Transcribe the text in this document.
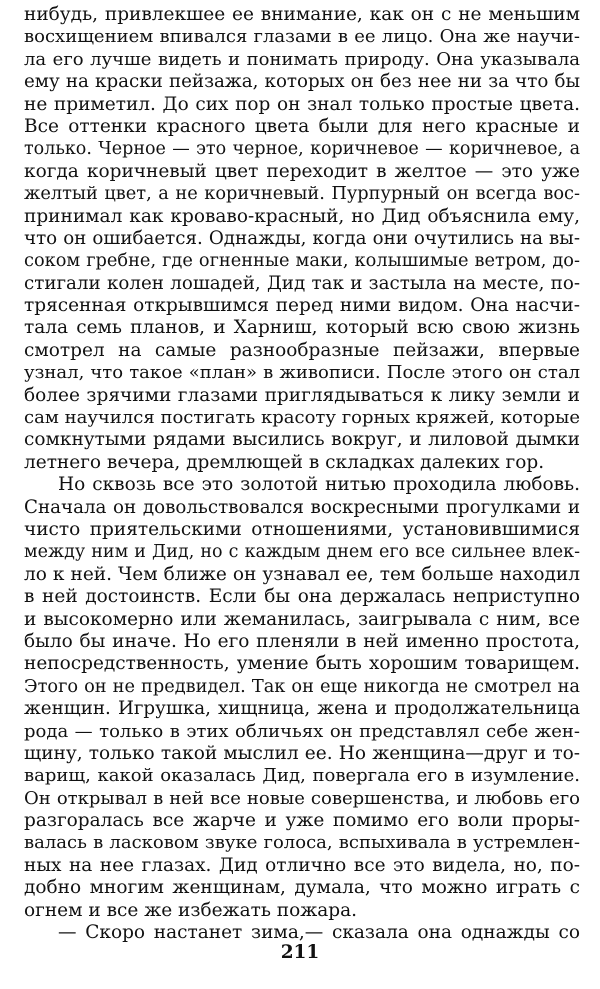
нибудь, привлекшее ее внимание, как он с не меньшим
восхищением впивался глазами в ее лицо. Она же научи-
ла его лучше видеть и понимать природу. Она указывала
ему на краски пейзажа, которых он без нее ни за что бы
не приметил. До сих пор он знал только простые цвета.
Все оттенки красного цвета были для него красные и
только. Черное — это черное, коричневое — коричневое, а
когда коричневый цвет переходит в желтое — это уже
желтый цвет, а не коричневый. Пурпурный он всегда вос-
принимал как кроваво-красный, но Дид объяснила ему,
что он ошибается. Однажды, когда они очутились на вы-
соком гребне, где огненные маки, колышимые ветром, до-
стигали колен лошадей, Дид так и застыла на месте, по-
трясенная открывшимся перед ними видом. Она насчи-
тала семь планов, и Харниш, который всю свою жизнь
смотрел на самые разнообразные пейзажи, впервые
узнал, что такое «план» в живописи. После этого он стал
более зрячими глазами приглядываться к лику земли и
сам научился постигать красоту горных кряжей, которые
сомкнутыми рядами высились вокруг, и лиловой дымки
летнего вечера, дремлющей в складках далеких гор.
Но сквозь все это золотой нитью проходила любовь.
Сначала он довольствовался воскресными прогулками и
чисто приятельскими отношениями, установившимися
между ним и Дид, но с каждым днем его все сильнее влек-
ло к ней. Чем ближе он узнавал ее, тем больше находил
в ней достоинств. Если бы она держалась неприступно
и высокомерно или жеманилась, заигрывала с ним, все
было бы иначе. Но его пленяли в ней именно простота,
непосредственность, умение быть хорошим товарищем.
Этого он не предвидел. Так он еще никогда не смотрел на
женщин. Игрушка, хищница, жена и продолжательница
рода — только в этих обличьях он представлял себе жен-
щину, только такой мыслил ее. Но женщина—друг и то-
варищ, какой оказалась Дид, повергала его в изумление.
Он открывал в ней все новые совершенства, и любовь его
разгоралась все жарче и уже помимо его воли проры-
валась в ласковом звуке голоса, вспыхивала в устремлен-
ных на нее глазах. Дид отлично все это видела, но, по-
добно многим женщинам, думала, что можно играть с
огнем и все же избежать пожара.
— Скоро настанет зима,— сказала она однажды со
211
